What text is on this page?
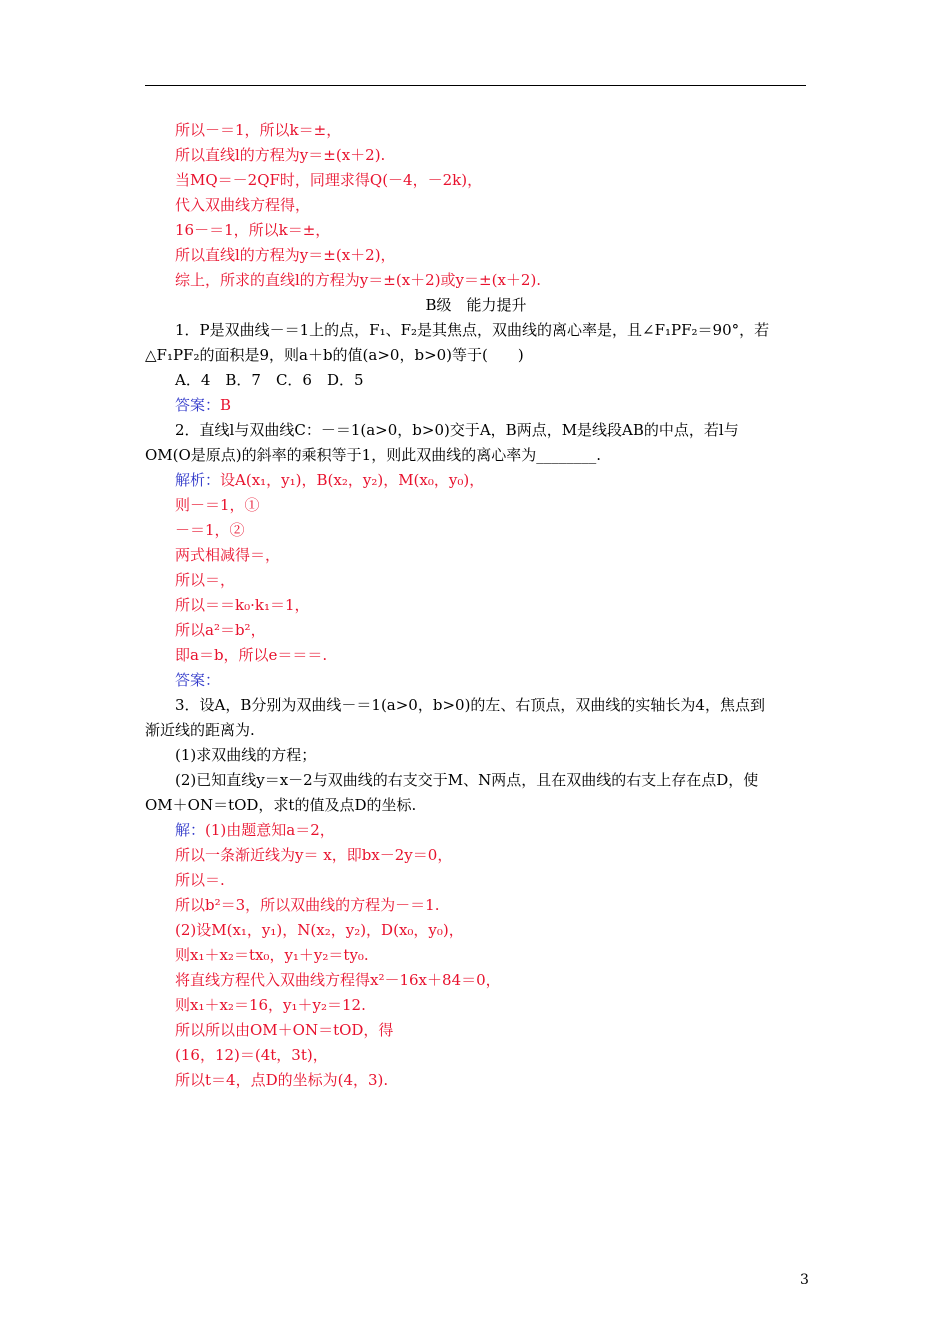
所以－＝1，所以k＝±，
所以直线l的方程为y＝±(x＋2).
当MQ＝－2QF时，同理求得Q(－4，－2k)，
代入双曲线方程得，
16－＝1，所以k＝±，
所以直线l的方程为y＝±(x＋2)，
综上，所求的直线l的方程为y＝±(x＋2)或y＝±(x＋2).
B级　能力提升
1．P是双曲线－＝1上的点，F₁、F₂是其焦点，双曲线的离心率是，且∠F₁PF₂＝90°，若
△F₁PF₂的面积是9，则a＋b的值(a>0，b>0)等于(　　)
A．4　B．7　C．6　D．5
答案：B
2．直线l与双曲线C：－＝1(a>0，b>0)交于A，B两点，M是线段AB的中点，若l与
OM(O是原点)的斜率的乘积等于1，则此双曲线的离心率为________.
解析：设A(x₁，y₁)，B(x₂，y₂)，M(x₀，y₀)，
则－＝1，①
－＝1，②
两式相减得＝，
所以＝，
所以＝＝k₀·k₁＝1，
所以a²＝b²，
即a＝b，所以e＝＝＝.
答案：
3．设A，B分别为双曲线－＝1(a>0，b>0)的左、右顶点，双曲线的实轴长为4，焦点到
渐近线的距离为.
(1)求双曲线的方程；
(2)已知直线y＝x－2与双曲线的右支交于M、N两点，且在双曲线的右支上存在点D，使
OM＋ON＝tOD，求t的值及点D的坐标.
解：(1)由题意知a＝2，
所以一条渐近线为y＝ x，即bx－2y＝0，
所以＝.
所以b²＝3，所以双曲线的方程为－＝1.
(2)设M(x₁，y₁)，N(x₂，y₂)，D(x₀，y₀)，
则x₁＋x₂＝tx₀，y₁＋y₂＝ty₀.
将直线方程代入双曲线方程得x²－16x＋84＝0，
则x₁＋x₂＝16，y₁＋y₂＝12.
所以所以由OM＋ON＝tOD，得
(16，12)＝(4t，3t)，
所以t＝4，点D的坐标为(4，3).
3
